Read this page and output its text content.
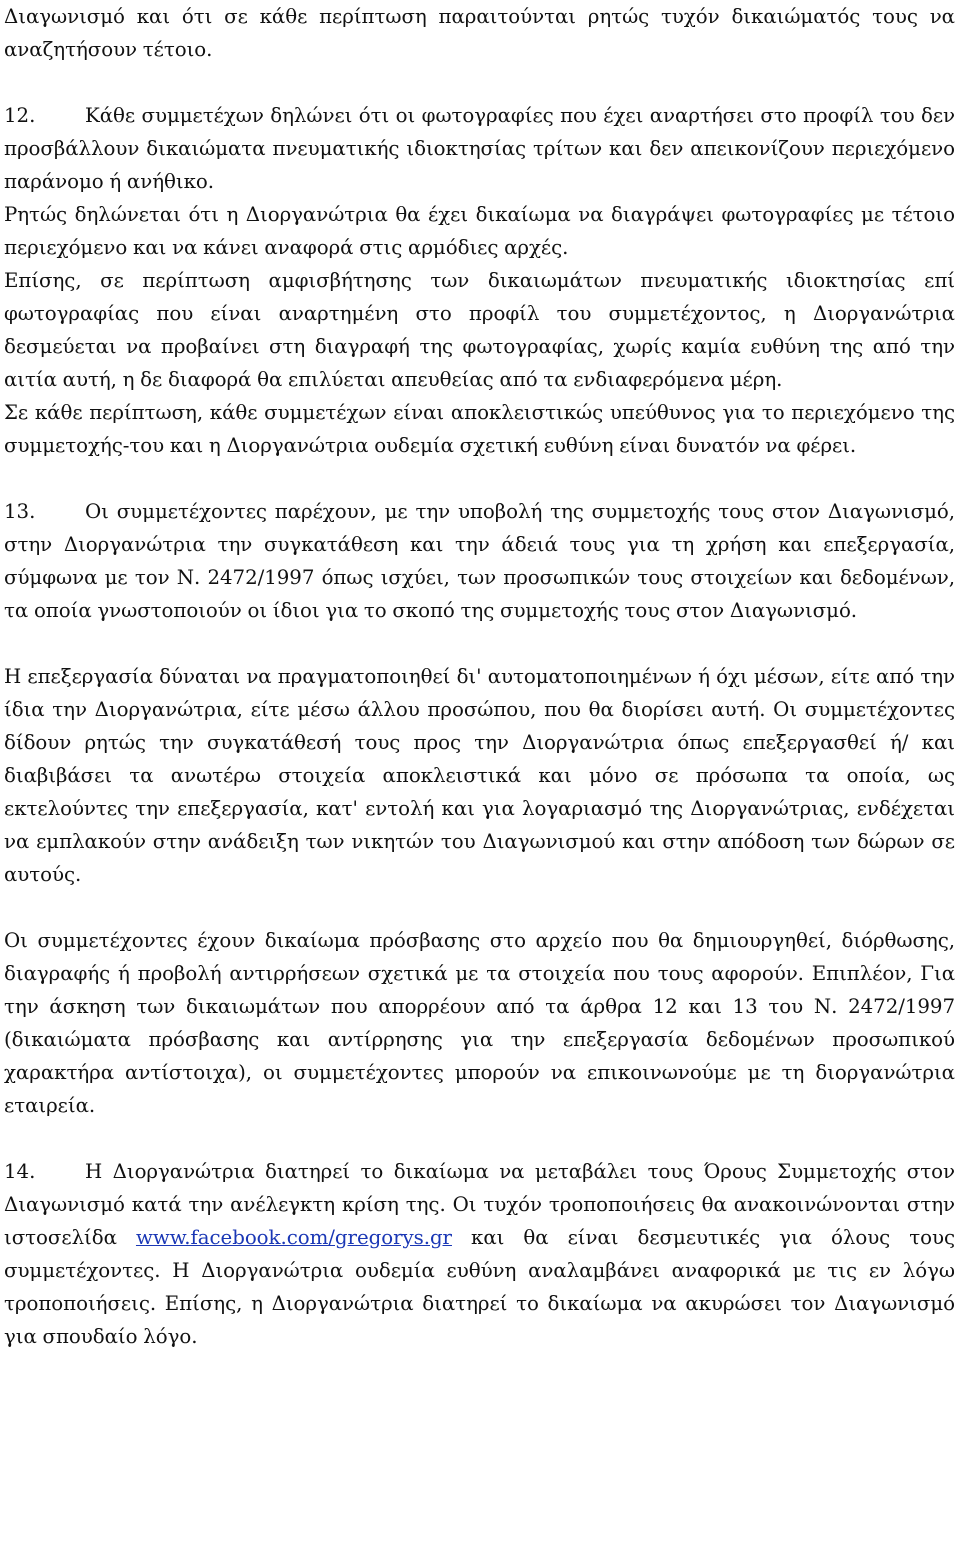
Διαγωνισμό και ότι σε κάθε περίπτωση παραιτούνται ρητώς τυχόν δικαιώματός τους να αναζητήσουν τέτοιο.

12.	Κάθε συμμετέχων δηλώνει ότι οι φωτογραφίες που έχει αναρτήσει στο προφίλ του δεν προσβάλλουν δικαιώματα πνευματικής ιδιοκτησίας τρίτων και δεν απεικονίζουν περιεχόμενο παράνομο ή ανήθικο.

Ρητώς δηλώνεται ότι η Διοργανώτρια θα έχει δικαίωμα να διαγράψει φωτογραφίες με τέτοιο περιεχόμενο και να κάνει αναφορά στις αρμόδιες αρχές.

Επίσης, σε περίπτωση αμφισβήτησης των δικαιωμάτων πνευματικής ιδιοκτησίας επί φωτογραφίας που είναι αναρτημένη στο προφίλ του συμμετέχοντος, η Διοργανώτρια δεσμεύεται να προβαίνει στη διαγραφή της φωτογραφίας, χωρίς καμία ευθύνη της από την αιτία αυτή, η δε διαφορά θα επιλύεται απευθείας από τα ενδιαφερόμενα μέρη.

Σε κάθε περίπτωση, κάθε συμμετέχων είναι αποκλειστικώς υπεύθυνος για το περιεχόμενο της συμμετοχής-του και η Διοργανώτρια ουδεμία σχετική ευθύνη είναι δυνατόν να φέρει.

13.	Οι συμμετέχοντες παρέχουν, με την υποβολή της συμμετοχής τους στον Διαγωνισμό, στην Διοργανώτρια την συγκατάθεση και την άδειά τους για τη χρήση και επεξεργασία, σύμφωνα με τον Ν. 2472/1997 όπως ισχύει, των προσωπικών τους στοιχείων και δεδομένων, τα οποία γνωστοποιούν οι ίδιοι για το σκοπό της συμμετοχής τους στον Διαγωνισμό.

Η επεξεργασία δύναται να πραγματοποιηθεί δι' αυτοματοποιημένων ή όχι μέσων, είτε από την ίδια την Διοργανώτρια, είτε μέσω άλλου προσώπου, που θα διορίσει αυτή. Οι συμμετέχοντες δίδουν ρητώς την συγκατάθεσή τους προς την Διοργανώτρια όπως επεξεργασθεί ή/ και διαβιβάσει τα ανωτέρω στοιχεία αποκλειστικά και μόνο σε πρόσωπα τα οποία, ως εκτελούντες την επεξεργασία, κατ' εντολή και για λογαριασμό της Διοργανώτριας, ενδέχεται να εμπλακούν στην ανάδειξη των νικητών του Διαγωνισμού και στην απόδοση των δώρων σε αυτούς.

Οι συμμετέχοντες έχουν δικαίωμα πρόσβασης στο αρχείο που θα δημιουργηθεί, διόρθωσης, διαγραφής ή προβολή αντιρρήσεων σχετικά με τα στοιχεία που τους αφορούν. Επιπλέον, Για την άσκηση των δικαιωμάτων που απορρέουν από τα άρθρα 12 και 13 του Ν. 2472/1997 (δικαιώματα πρόσβασης και αντίρρησης για την επεξεργασία δεδομένων προσωπικού χαρακτήρα αντίστοιχα), οι συμμετέχοντες μπορούν να επικοινωνούμε με τη διοργανώτρια εταιρεία.

14.	Η Διοργανώτρια διατηρεί το δικαίωμα να μεταβάλει τους Όρους Συμμετοχής στον Διαγωνισμό κατά την ανέλεγκτη κρίση της. Οι τυχόν τροποποιήσεις θα ανακοινώνονται στην ιστοσελίδα www.facebook.com/gregorys.gr και θα είναι δεσμευτικές για όλους τους συμμετέχοντες. Η Διοργανώτρια ουδεμία ευθύνη αναλαμβάνει αναφορικά με τις εν λόγω τροποποιήσεις. Επίσης, η Διοργανώτρια διατηρεί το δικαίωμα να ακυρώσει τον Διαγωνισμό για σπουδαίο λόγο.
